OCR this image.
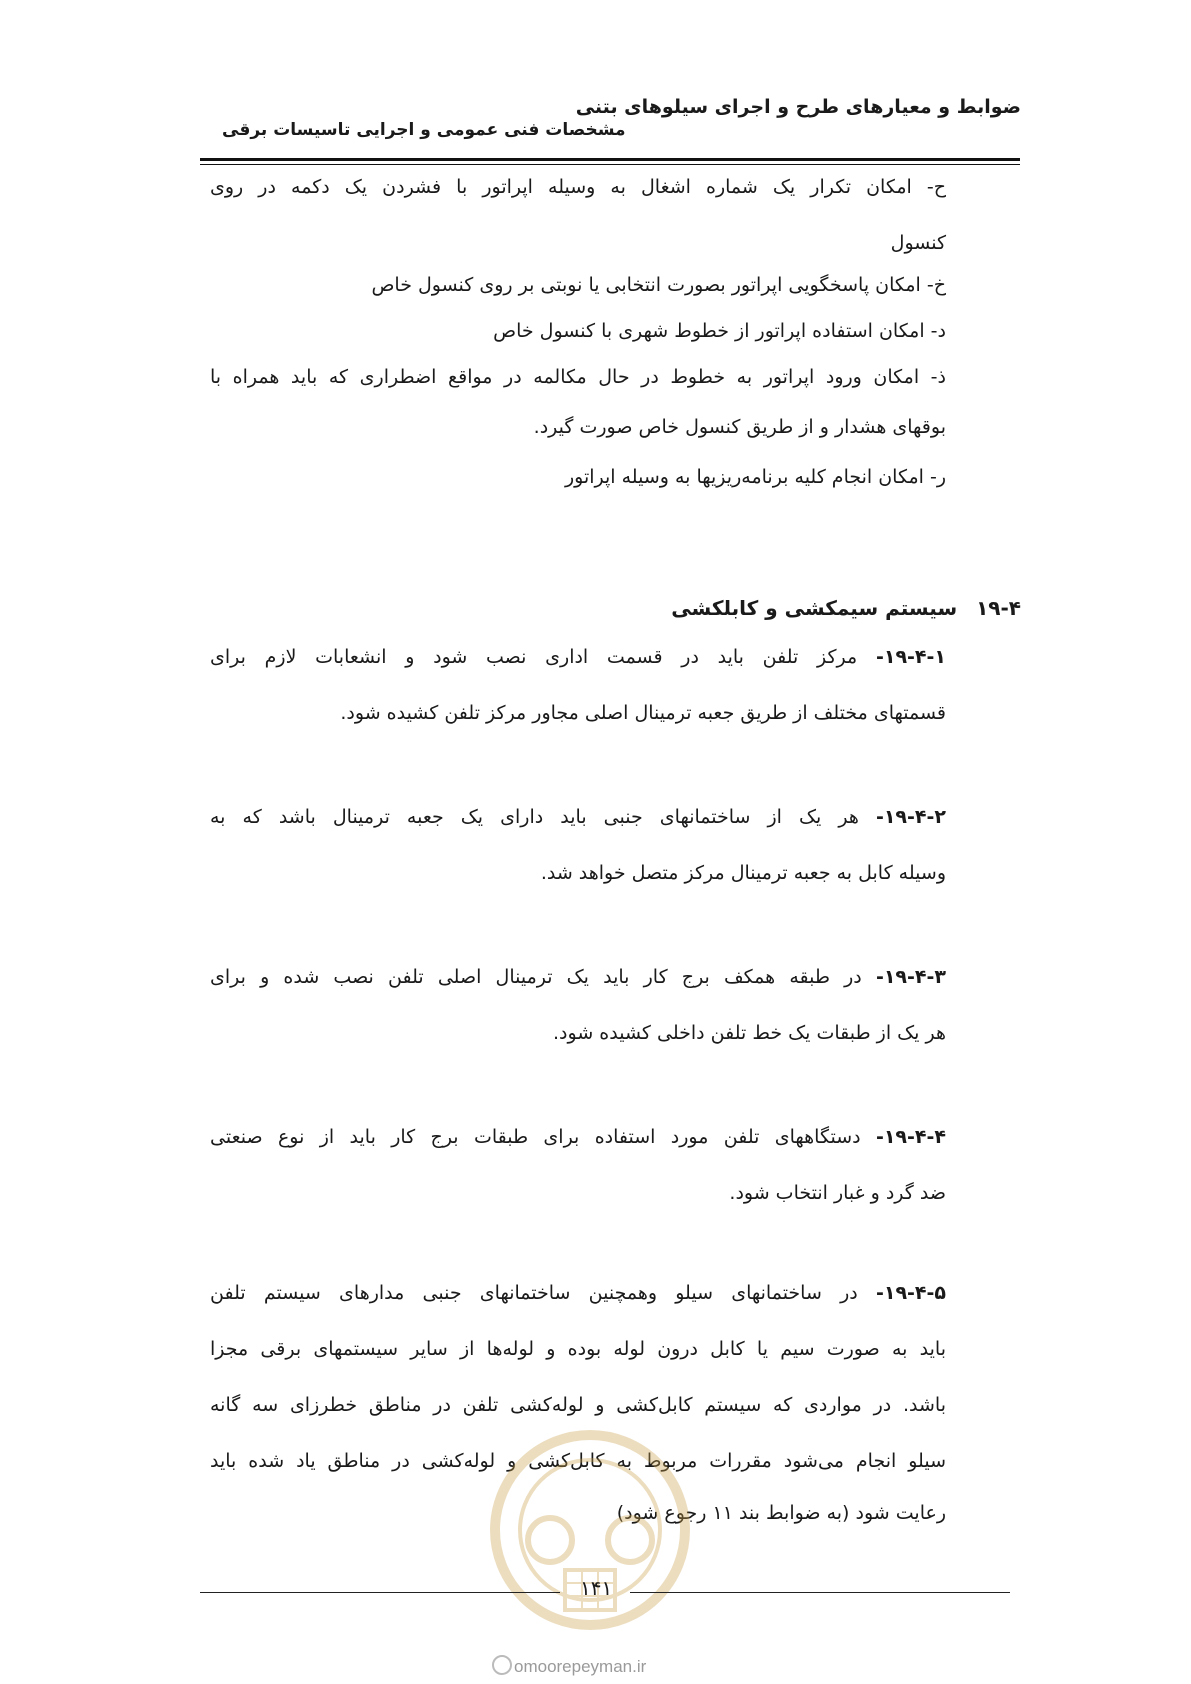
ضوابط و معیارهای طرح و اجرای سیلوهای بتنی
مشخصات فنی عمومی و اجرایی تاسیسات برقی
ح- امکان تکرار یک شماره اشغال به وسیله اپراتور با فشردن یک دکمه در روی
کنسول
خ- امکان پاسخگویی اپراتور بصورت انتخابی یا نوبتی بر روی کنسول خاص
د- امکان استفاده اپراتور از خطوط شهری با کنسول خاص
ذ- امکان ورود اپراتور به خطوط در حال مکالمه در مواقع اضطراری که باید همراه با
بوقهای هشدار و از طریق کنسول خاص صورت گیرد.
ر- امکان انجام کلیه برنامه‌ریزیها به وسیله اپراتور
۱۹-۴ سیستم سیمکشی و کابلکشی
۱۹-۴-۱- مرکز تلفن باید در قسمت اداری نصب شود و انشعابات لازم برای
قسمتهای مختلف از طریق جعبه ترمینال اصلی مجاور مرکز تلفن کشیده شود.
۱۹-۴-۲- هر یک از ساختمانهای جنبی باید دارای یک جعبه ترمینال باشد که به
وسیله کابل به جعبه ترمینال مرکز متصل خواهد شد.
۱۹-۴-۳- در طبقه همکف برج کار باید یک ترمینال اصلی تلفن نصب شده و برای
هر یک از طبقات یک خط تلفن داخلی کشیده شود.
۱۹-۴-۴- دستگاههای تلفن مورد استفاده برای طبقات برج کار باید از نوع صنعتی
ضد گرد و غبار انتخاب شود.
۱۹-۴-۵- در ساختمانهای سیلو وهمچنین ساختمانهای جنبی مدارهای سیستم تلفن
باید به صورت سیم یا کابل درون لوله بوده و لوله‌ها از سایر سیستمهای برقی مجزا
باشد. در مواردی که سیستم کابل‌کشی و لوله‌کشی تلفن در مناطق خطرزای سه گانه
سیلو انجام می‌شود مقررات مربوط به کابل‌کشی و لوله‌کشی در مناطق یاد شده باید
رعایت شود (به ضوابط بند ۱۱ رجوع شود)
۱۴۱
omoorepeyman.ir
